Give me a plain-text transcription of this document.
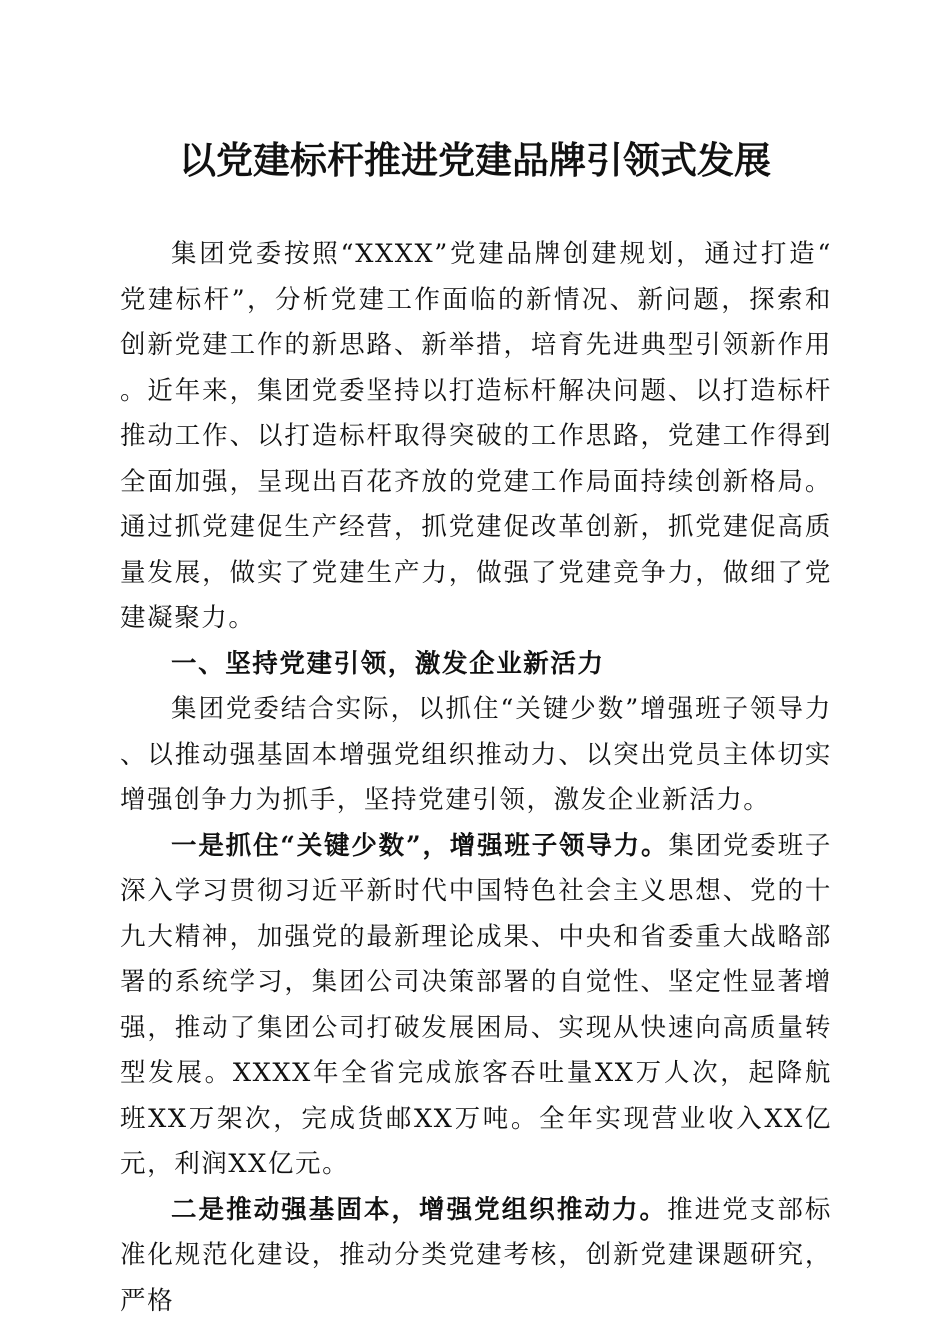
以党建标杆推进党建品牌引领式发展

集团党委按照“XXXX”党建品牌创建规划，通过打造“党建标杆”，分析党建工作面临的新情况、新问题，探索和创新党建工作的新思路、新举措，培育先进典型引领新作用。近年来，集团党委坚持以打造标杆解决问题、以打造标杆推动工作、以打造标杆取得突破的工作思路，党建工作得到全面加强，呈现出百花齐放的党建工作局面持续创新格局。通过抓党建促生产经营，抓党建促改革创新，抓党建促高质量发展，做实了党建生产力，做强了党建竞争力，做细了党建凝聚力。

一、坚持党建引领，激发企业新活力

集团党委结合实际，以抓住“关键少数”增强班子领导力、以推动强基固本增强党组织推动力、以突出党员主体切实增强创争力为抓手，坚持党建引领，激发企业新活力。

一是抓住“关键少数”，增强班子领导力。集团党委班子深入学习贯彻习近平新时代中国特色社会主义思想、党的十九大精神，加强党的最新理论成果、中央和省委重大战略部署的系统学习，集团公司决策部署的自觉性、坚定性显著增强，推动了集团公司打破发展困局、实现从快速向高质量转型发展。XXXX年全省完成旅客吞吐量XX万人次，起降航班XX万架次，完成货邮XX万吨。全年实现营业收入XX亿元，利润XX亿元。

二是推动强基固本，增强党组织推动力。推进党支部标准化规范化建设，推动分类党建考核，创新党建课题研究，严格
